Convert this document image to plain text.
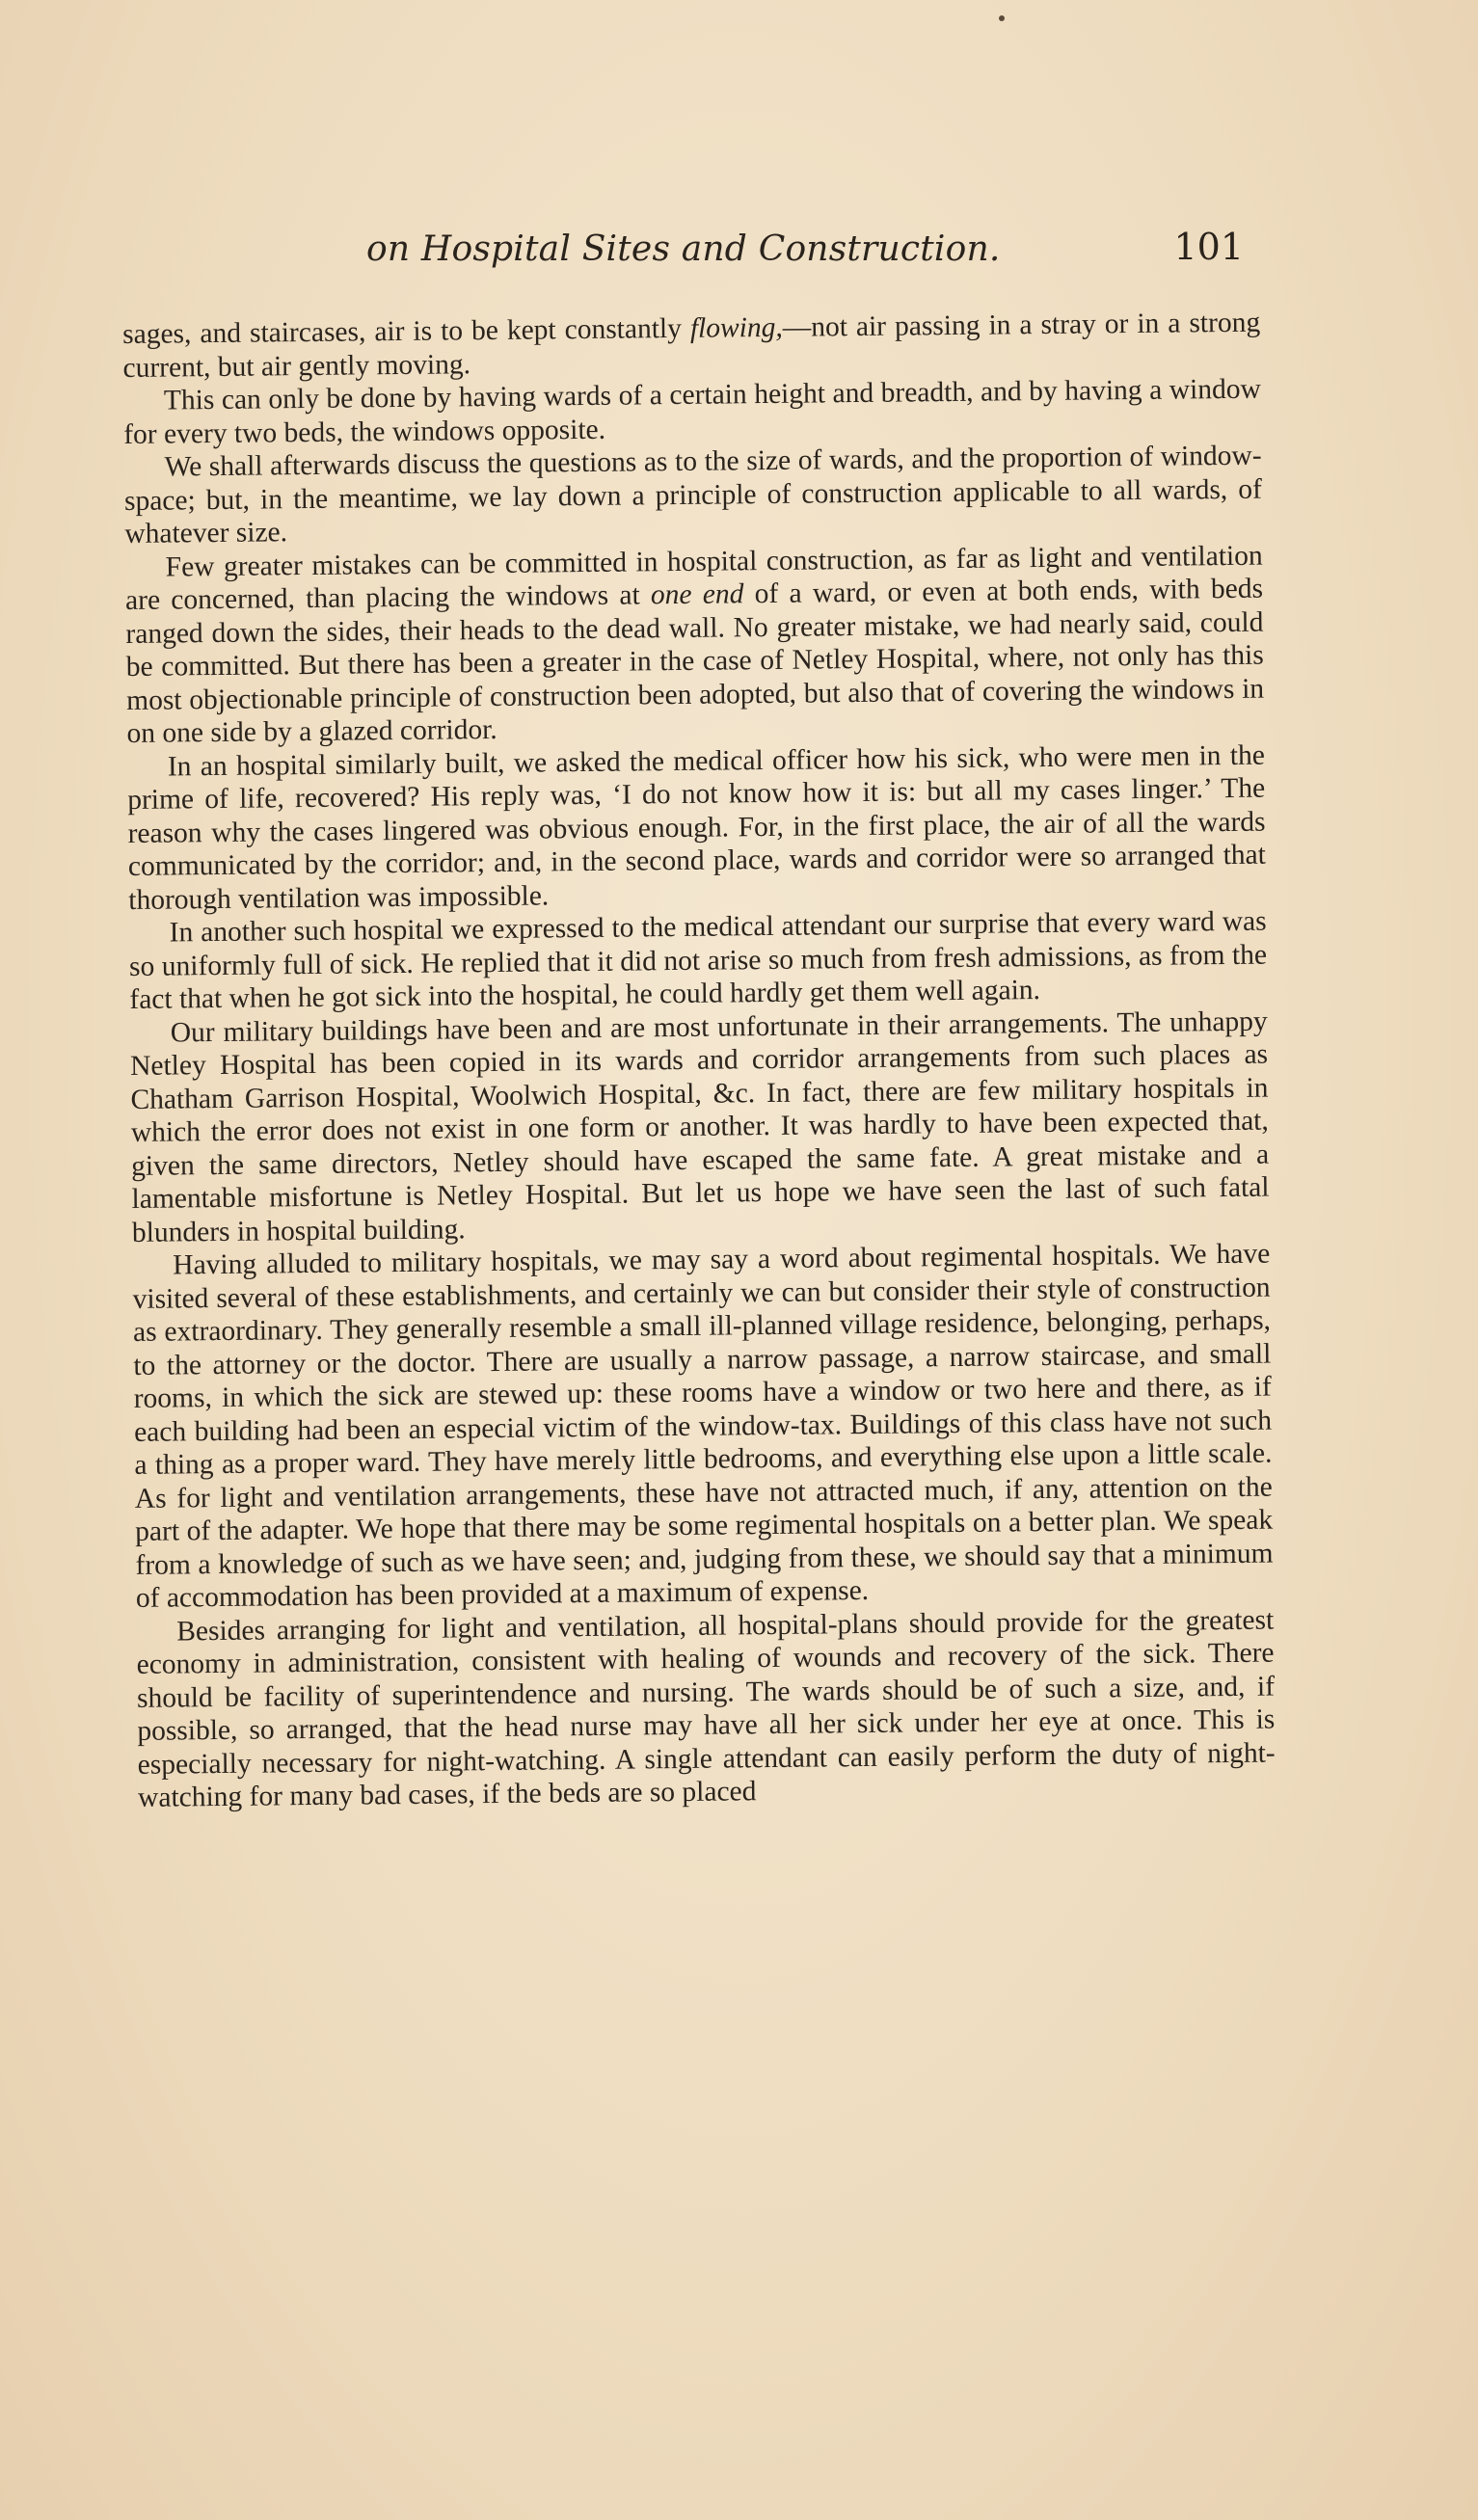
on Hospital Sites and Construction.	101

sages, and staircases, air is to be kept constantly flowing,—not air passing in a stray or in a strong current, but air gently moving.

This can only be done by having wards of a certain height and breadth, and by having a window for every two beds, the windows opposite.

We shall afterwards discuss the questions as to the size of wards, and the proportion of window-space; but, in the meantime, we lay down a principle of construction applicable to all wards, of whatever size.

Few greater mistakes can be committed in hospital construction, as far as light and ventilation are concerned, than placing the windows at one end of a ward, or even at both ends, with beds ranged down the sides, their heads to the dead wall. No greater mistake, we had nearly said, could be committed. But there has been a greater in the case of Netley Hospital, where, not only has this most objectionable principle of construction been adopted, but also that of covering the windows in on one side by a glazed corridor.

In an hospital similarly built, we asked the medical officer how his sick, who were men in the prime of life, recovered? His reply was, ‘I do not know how it is: but all my cases linger.’ The reason why the cases lingered was obvious enough. For, in the first place, the air of all the wards communicated by the corridor; and, in the second place, wards and corridor were so arranged that thorough ventilation was impossible.

In another such hospital we expressed to the medical attendant our surprise that every ward was so uniformly full of sick. He replied that it did not arise so much from fresh admissions, as from the fact that when he got sick into the hospital, he could hardly get them well again.

Our military buildings have been and are most unfortunate in their arrangements. The unhappy Netley Hospital has been copied in its wards and corridor arrangements from such places as Chatham Garrison Hospital, Woolwich Hospital, &c. In fact, there are few military hospitals in which the error does not exist in one form or another. It was hardly to have been expected that, given the same directors, Netley should have escaped the same fate. A great mistake and a lamentable misfortune is Netley Hospital. But let us hope we have seen the last of such fatal blunders in hospital building.

Having alluded to military hospitals, we may say a word about regimental hospitals. We have visited several of these establishments, and certainly we can but consider their style of construction as extraordinary. They generally resemble a small ill-planned village residence, belonging, perhaps, to the attorney or the doctor. There are usually a narrow passage, a narrow staircase, and small rooms, in which the sick are stewed up: these rooms have a window or two here and there, as if each building had been an especial victim of the window-tax. Buildings of this class have not such a thing as a proper ward. They have merely little bedrooms, and everything else upon a little scale. As for light and ventilation arrangements, these have not attracted much, if any, attention on the part of the adapter. We hope that there may be some regimental hospitals on a better plan. We speak from a knowledge of such as we have seen; and, judging from these, we should say that a minimum of accommodation has been provided at a maximum of expense.

Besides arranging for light and ventilation, all hospital-plans should provide for the greatest economy in administration, consistent with healing of wounds and recovery of the sick. There should be facility of superintendence and nursing. The wards should be of such a size, and, if possible, so arranged, that the head nurse may have all her sick under her eye at once. This is especially necessary for night-watching. A single attendant can easily perform the duty of night-watching for many bad cases, if the beds are so placed
